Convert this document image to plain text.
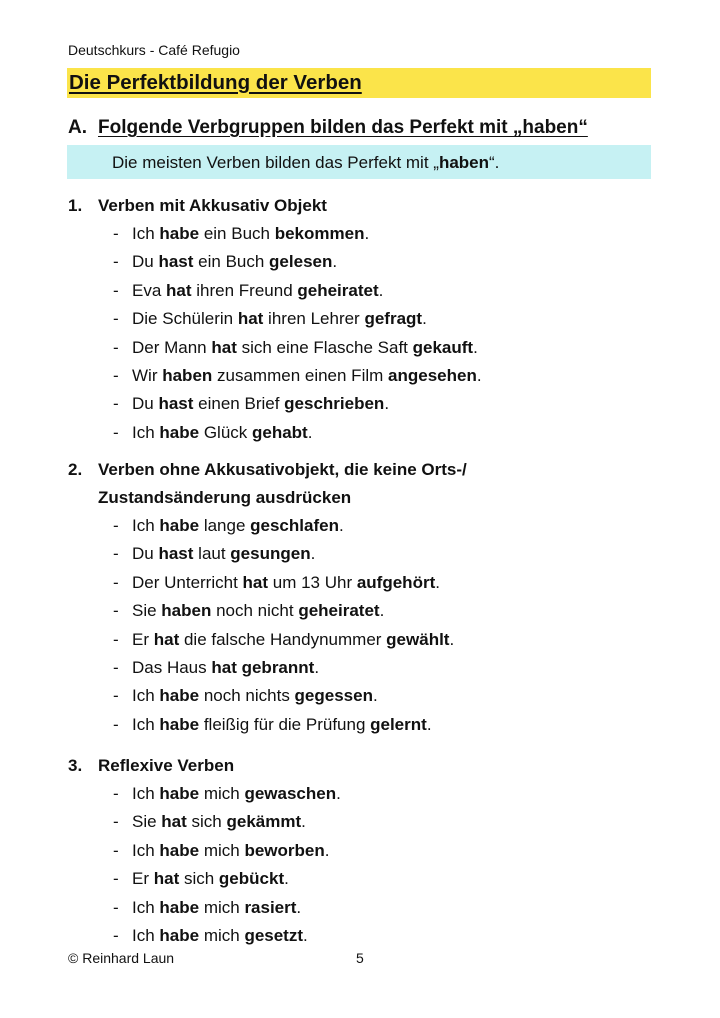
Deutschkurs - Café Refugio
Die Perfektbildung der Verben
A. Folgende Verbgruppen bilden das Perfekt mit „haben“
Die meisten Verben bilden das Perfekt mit „haben“.
1. Verben mit Akkusativ Objekt
- Ich habe ein Buch bekommen.
- Du hast ein Buch gelesen.
- Eva hat ihren Freund geheiratet.
- Die Schülerin hat ihren Lehrer gefragt.
- Der Mann hat sich eine Flasche Saft gekauft.
- Wir haben zusammen einen Film angesehen.
- Du hast einen Brief geschrieben.
- Ich habe Glück gehabt.
2. Verben ohne Akkusativobjekt, die keine Orts-/
Zustandsänderung ausdrücken
- Ich habe lange geschlafen.
- Du hast laut gesungen.
- Der Unterricht hat um 13 Uhr aufgehört.
- Sie haben noch nicht geheiratet.
- Er hat die falsche Handynummer gewählt.
- Das Haus hat gebrannt.
- Ich habe noch nichts gegessen.
- Ich habe fleißig für die Prüfung gelernt.
3. Reflexive Verben
- Ich habe mich gewaschen.
- Sie hat sich gekämmt.
- Ich habe mich beworben.
- Er hat sich gebückt.
- Ich habe mich rasiert.
- Ich habe mich gesetzt.
© Reinhard Laun	5
